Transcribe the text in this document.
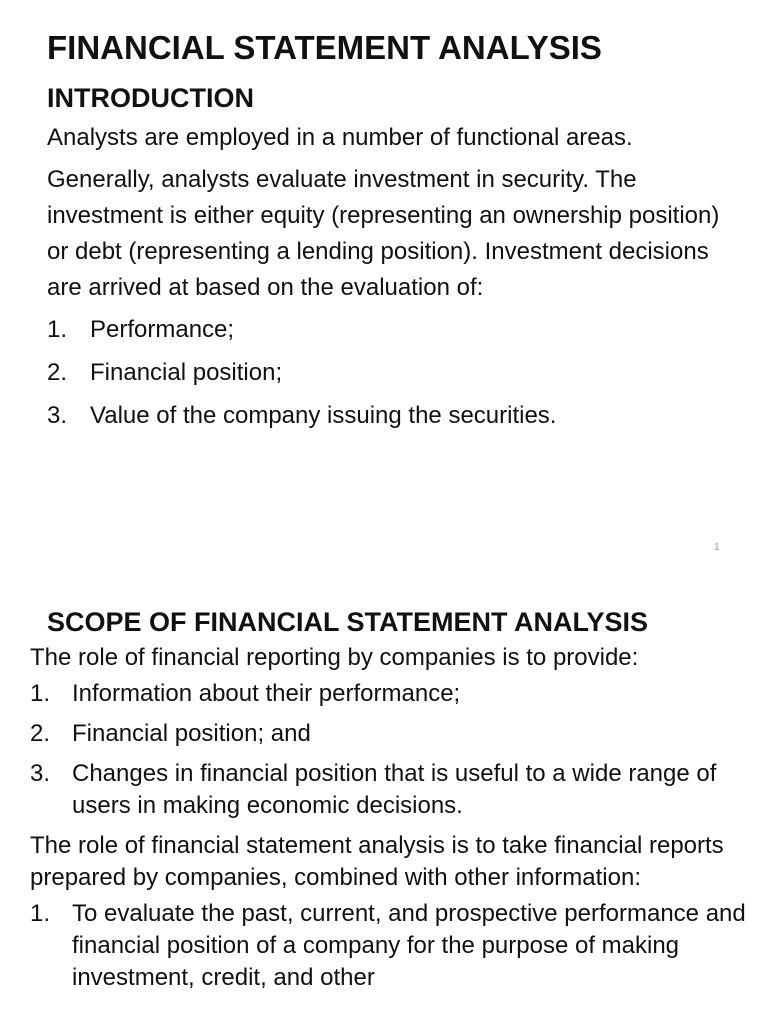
FINANCIAL STATEMENT ANALYSIS
INTRODUCTION

Analysts are employed in a number of functional areas.

Generally, analysts evaluate investment in security. The investment is either equity (representing an ownership position) or debt (representing a lending position). Investment decisions are arrived at based on the evaluation of:

1. Performance;
2. Financial position;
3. Value of the company issuing the securities.
1
SCOPE OF FINANCIAL STATEMENT ANALYSIS

The role of financial reporting by companies is to provide:

1. Information about their performance;
2. Financial position; and
3. Changes in financial position that is useful to a wide range of users in making economic decisions.

The role of financial statement analysis is to take financial reports prepared by companies, combined with other information:

1. To evaluate the past, current, and prospective performance and financial position of a company for the purpose of making investment, credit, and other
